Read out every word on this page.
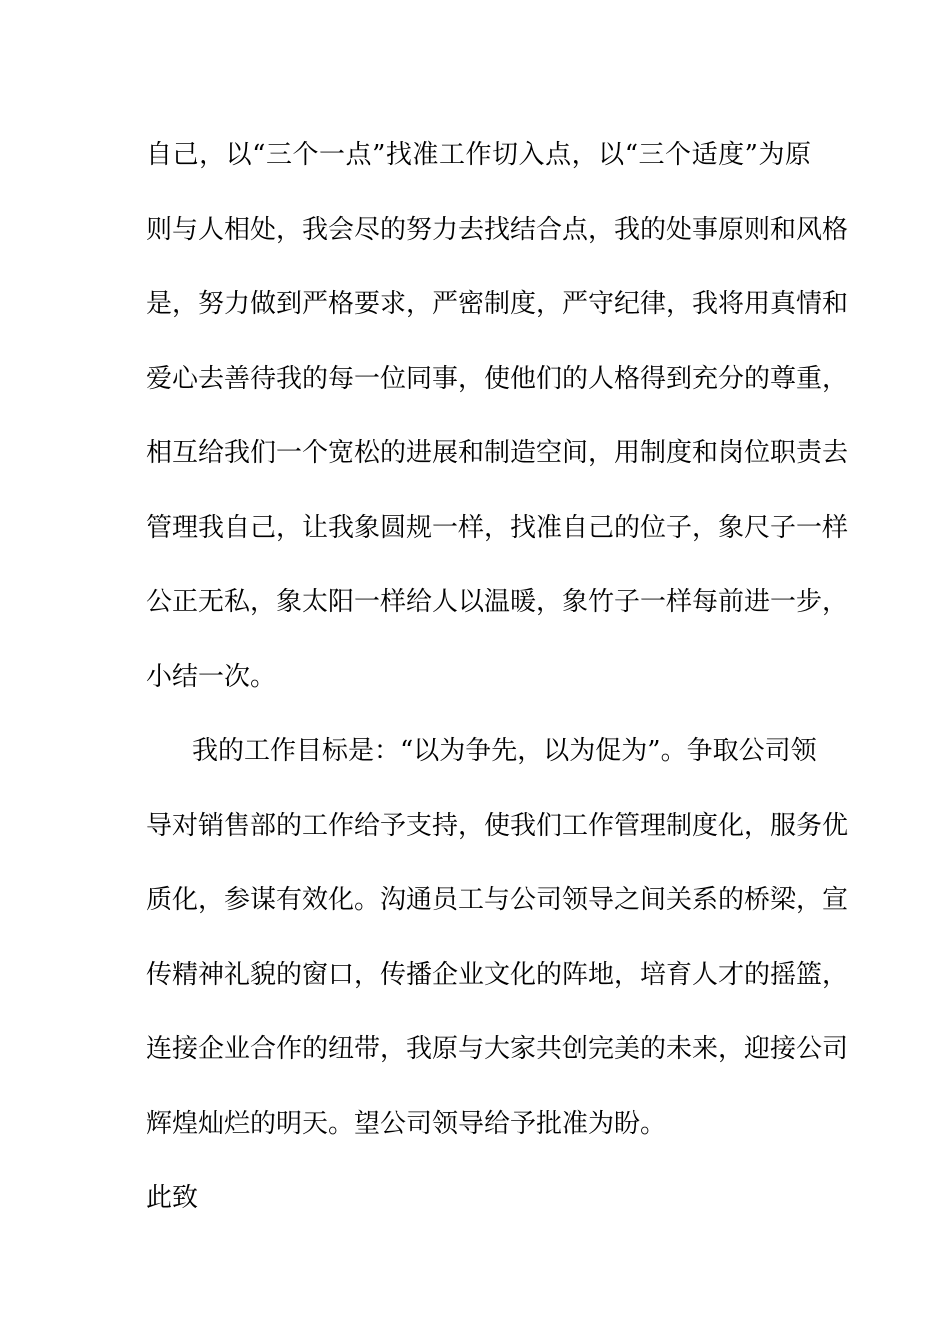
自己，以“三个一点”找准工作切入点，以“三个适度”为原
则与人相处，我会尽的努力去找结合点，我的处事原则和风格
是，努力做到严格要求，严密制度，严守纪律，我将用真情和
爱心去善待我的每一位同事，使他们的人格得到充分的尊重，
相互给我们一个宽松的进展和制造空间，用制度和岗位职责去
管理我自己，让我象圆规一样，找准自己的位子，象尺子一样
公正无私，象太阳一样给人以温暖，象竹子一样每前进一步，
小结一次。
我的工作目标是：“以为争先，以为促为”。争取公司领
导对销售部的工作给予支持，使我们工作管理制度化，服务优
质化，参谋有效化。沟通员工与公司领导之间关系的桥梁，宣
传精神礼貌的窗口，传播企业文化的阵地，培育人才的摇篮，
连接企业合作的纽带，我原与大家共创完美的未来，迎接公司
辉煌灿烂的明天。望公司领导给予批准为盼。
此致
